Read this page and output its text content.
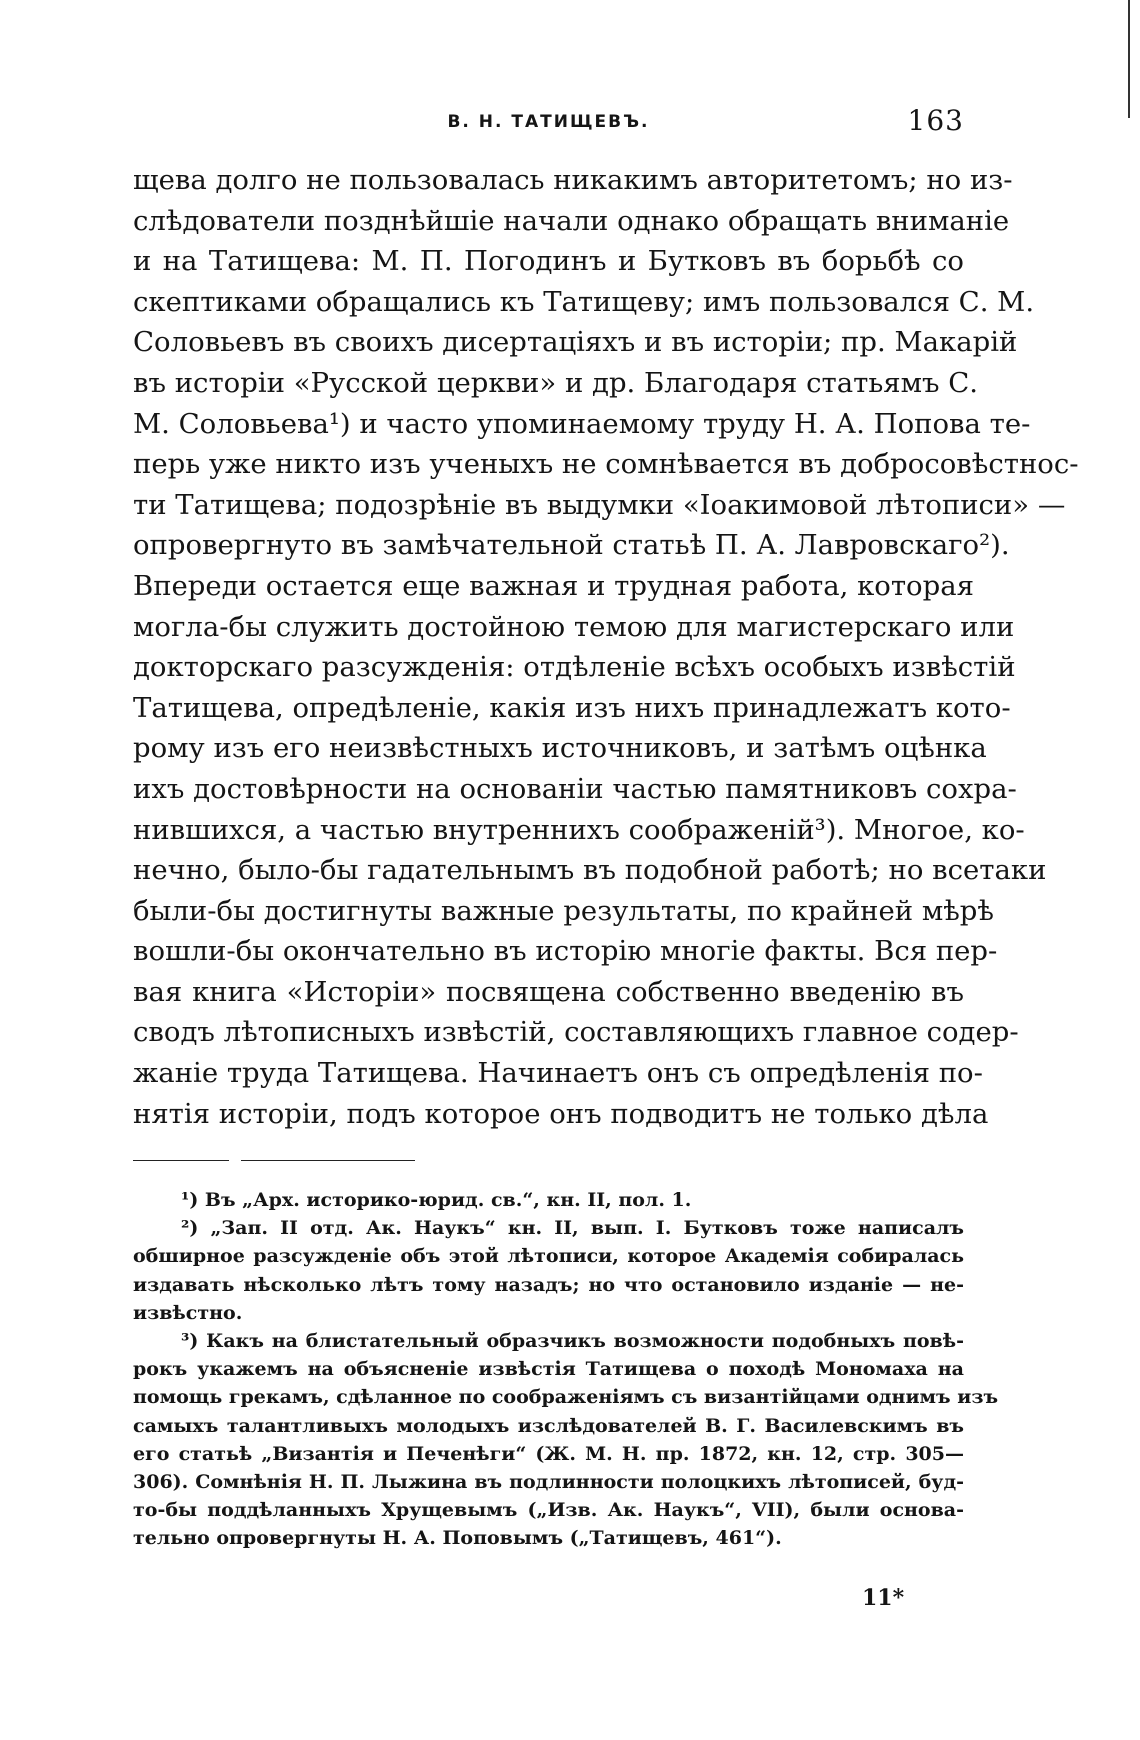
В. Н. ТАТИЩЕВЪ.	163
щева долго не пользовалась никакимъ авторитетомъ; но из-
слѣдователи позднѣйшіе начали однако обращать вниманіе
и на Татищева: М. П. Погодинъ и Бутковъ въ борьбѣ со
скептиками обращались къ Татищеву; имъ пользовался С. М.
Соловьевъ въ своихъ дисертаціяхъ и въ исторіи; пр. Макарій
въ исторіи «Русской церкви» и др. Благодаря статьямъ С.
М. Соловьева¹) и часто упоминаемому труду Н. А. Попова те-
перь уже никто изъ ученыхъ не сомнѣвается въ добросовѣстнос-
ти Татищева; подозрѣніе въ выдумки «Іоакимовой лѣтописи» —
опровергнуто въ замѣчательной статьѣ П. А. Лавровскаго²).
Впереди остается еще важная и трудная работа, которая
могла-бы служить достойною темою для магистерскаго или
докторскаго разсужденія: отдѣленіе всѣхъ особыхъ извѣстій
Татищева, опредѣленіе, какія изъ нихъ принадлежатъ кото-
рому изъ его неизвѣстныхъ источниковъ, и затѣмъ оцѣнка
ихъ достовѣрности на основаніи частью памятниковъ сохра-
нившихся, а частью внутреннихъ соображеній³). Многое, ко-
нечно, было-бы гадательнымъ въ подобной работѣ; но всетаки
были-бы достигнуты важные результаты, по крайней мѣрѣ
вошли-бы окончательно въ исторію многіе факты. Вся пер-
вая книга «Исторіи» посвящена собственно введенію въ
сводъ лѣтописныхъ извѣстій, составляющихъ главное содер-
жаніе труда Татищева. Начинаетъ онъ съ опредѣленія по-
нятія исторіи, подъ которое онъ подводитъ не только дѣла
¹) Въ „Арх. историко-юрид. св.“, кн. II, пол. 1.
²) „Зап. II отд. Ак. Наукъ“ кн. II, вып. I. Бутковъ тоже написалъ
обширное разсужденіе объ этой лѣтописи, которое Академія собиралась
издавать нѣсколько лѣтъ тому назадъ; но что остановило изданіе — не-
извѣстно.
³) Какъ на блистательный образчикъ возможности подобныхъ повѣ-
рокъ укажемъ на объясненіе извѣстія Татищева о походѣ Мономаха на
помощь грекамъ, сдѣланное по соображеніямъ съ византійцами однимъ изъ
самыхъ талантливыхъ молодыхъ изслѣдователей В. Г. Василевскимъ въ
его статьѣ „Византія и Печенѣги“ (Ж. М. Н. пр. 1872, кн. 12, стр. 305—
306). Сомнѣнія Н. П. Лыжина въ подлинности полоцкихъ лѣтописей, буд-
то-бы поддѣланныхъ Хрущевымъ („Изв. Ак. Наукъ“, VII), были основа-
тельно опровергнуты Н. А. Поповымъ („Татищевъ, 461“).
11*
